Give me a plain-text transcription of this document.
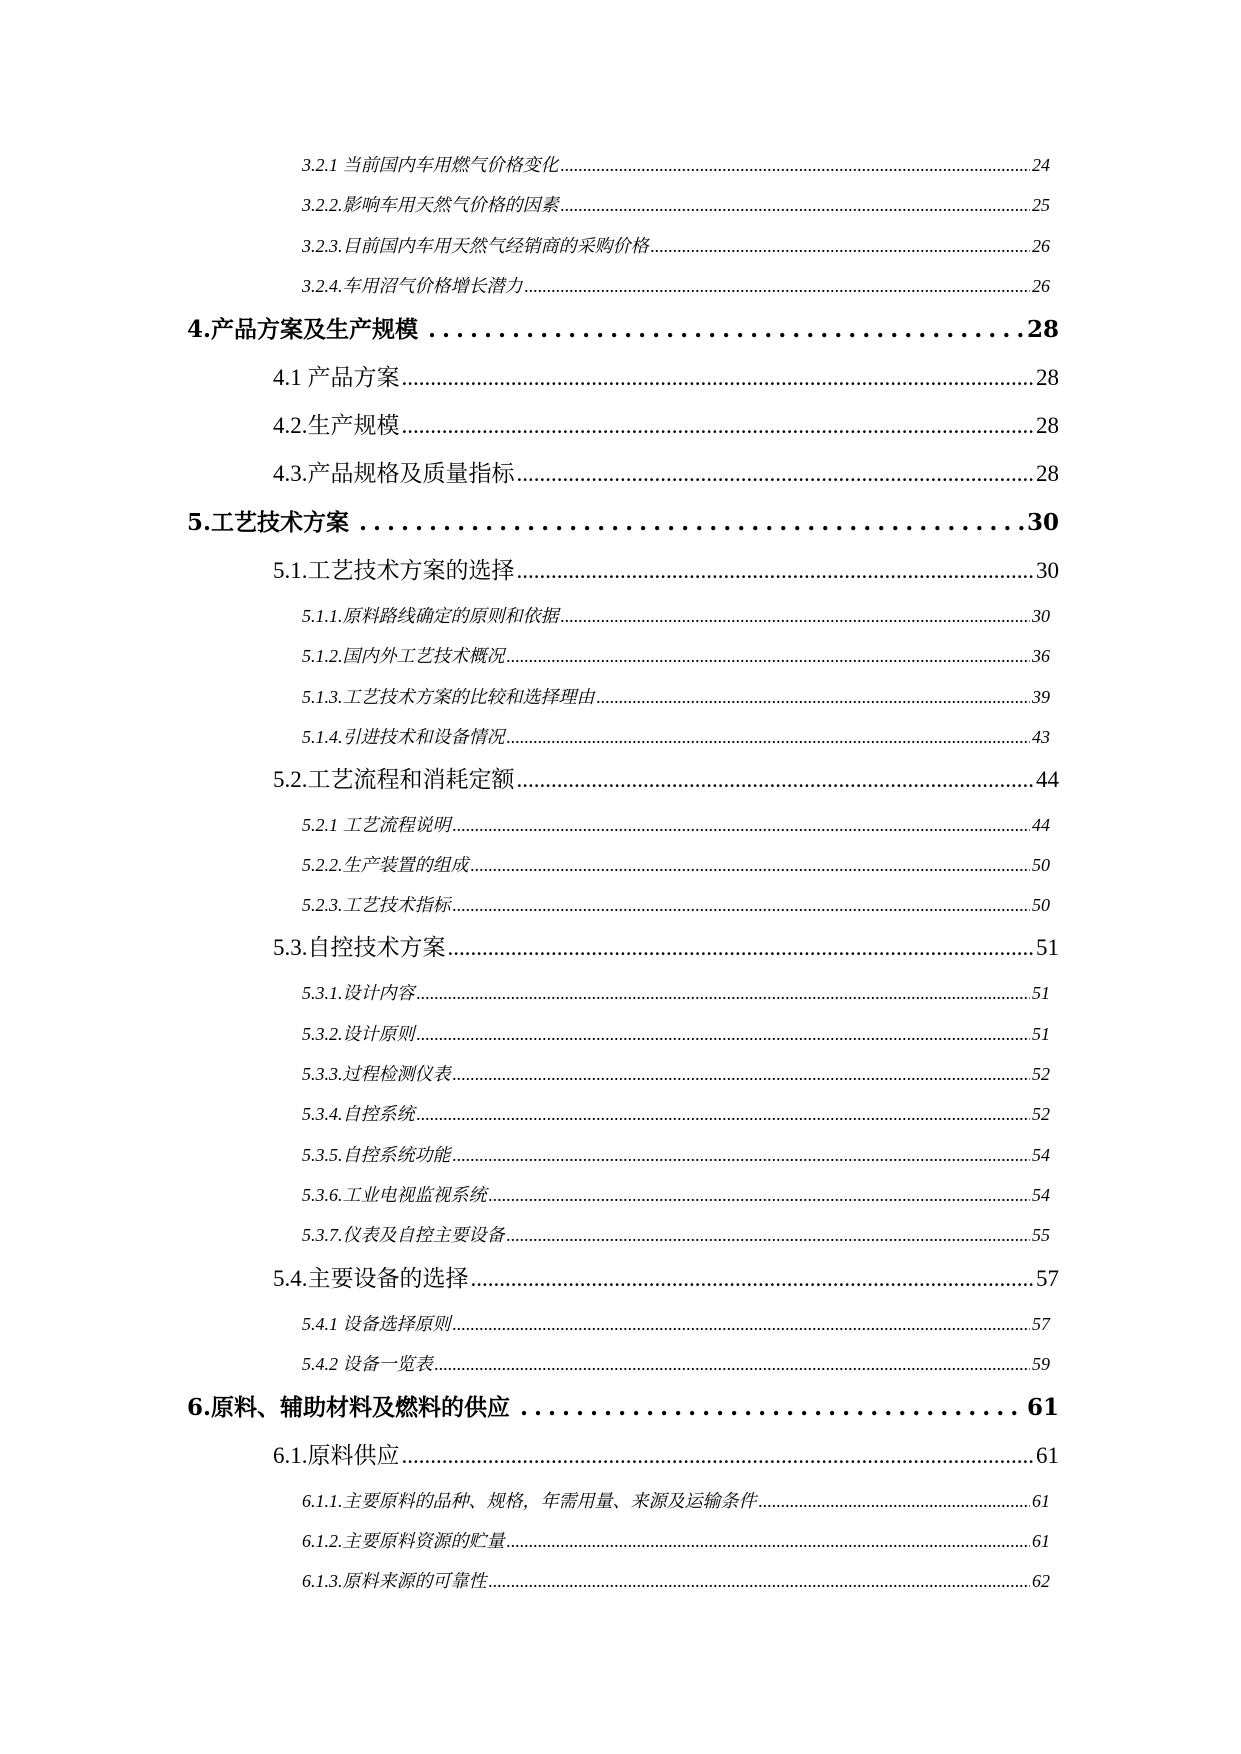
3.2.1 当前国内车用燃气价格变化 .....	24
3.2.2.影响车用天然气价格的因素 .....	25
3.2.3.目前国内车用天然气经销商的采购价格 .....	26
3.2.4.车用沼气价格增长潜力 .....	26
4.产品方案及生产规模 .....	28
4.1 产品方案 .....	28
4.2.生产规模 .....	28
4.3.产品规格及质量指标 .....	28
5.工艺技术方案 .....	30
5.1.工艺技术方案的选择 .....	30
5.1.1.原料路线确定的原则和依据 .....	30
5.1.2.国内外工艺技术概况 .....	36
5.1.3.工艺技术方案的比较和选择理由 .....	39
5.1.4.引进技术和设备情况 .....	43
5.2.工艺流程和消耗定额 .....	44
5.2.1 工艺流程说明 .....	44
5.2.2.生产装置的组成 .....	50
5.2.3.工艺技术指标 .....	50
5.3.自控技术方案 .....	51
5.3.1.设计内容 .....	51
5.3.2.设计原则 .....	51
5.3.3.过程检测仪表 .....	52
5.3.4.自控系统 .....	52
5.3.5.自控系统功能 .....	54
5.3.6.工业电视监视系统 .....	54
5.3.7.仪表及自控主要设备 .....	55
5.4.主要设备的选择 .....	57
5.4.1 设备选择原则 .....	57
5.4.2 设备一览表 .....	59
6.原料、辅助材料及燃料的供应 .....	61
6.1.原料供应 .....	61
6.1.1.主要原料的品种、规格，年需用量、来源及运输条件 .....	61
6.1.2.主要原料资源的贮量 .....	61
6.1.3.原料来源的可靠性 .....	62
